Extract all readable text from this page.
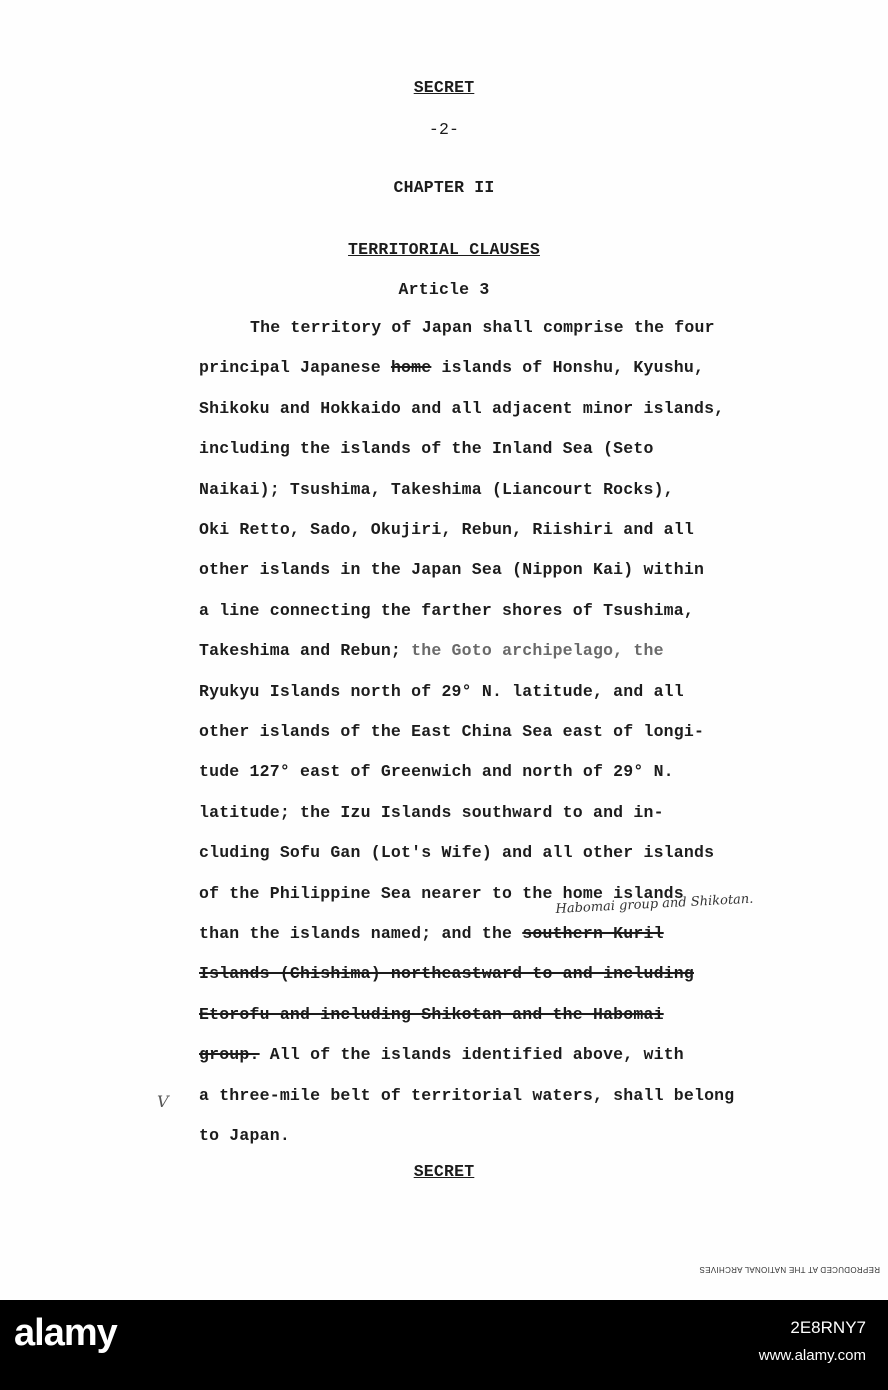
SECRET
-2-
CHAPTER II
TERRITORIAL CLAUSES
Article 3
The territory of Japan shall comprise the four
principal Japanese home islands of Honshu, Kyushu,
Shikoku and Hokkaido and all adjacent minor islands,
including the islands of the Inland Sea (Seto
Naikai); Tsushima, Takeshima (Liancourt Rocks),
Oki Retto, Sado, Okujiri, Rebun, Riishiri and all
other islands in the Japan Sea (Nippon Kai) within
a line connecting the farther shores of Tsushima,
Takeshima and Rebun; the Goto archipelago, the
Ryukyu Islands north of 29° N. latitude, and all
other islands of the East China Sea east of longi-
tude 127° east of Greenwich and north of 29° N.
latitude; the Izu Islands southward to and in-
cluding Sofu Gan (Lot's Wife) and all other islands
of the Philippine Sea nearer to the home islands
than the islands named; and the southern Kuril
Islands (Chishima) northeastward to and including
Etorofu and including Shikotan and the Habomai
group. All of the islands identified above, with
a three-mile belt of territorial waters, shall belong
to Japan.
Habomai group and Shikotan.
V
SECRET
REPRODUCED AT THE NATIONAL ARCHIVES
alamy	2E8RNY7
www.alamy.com
